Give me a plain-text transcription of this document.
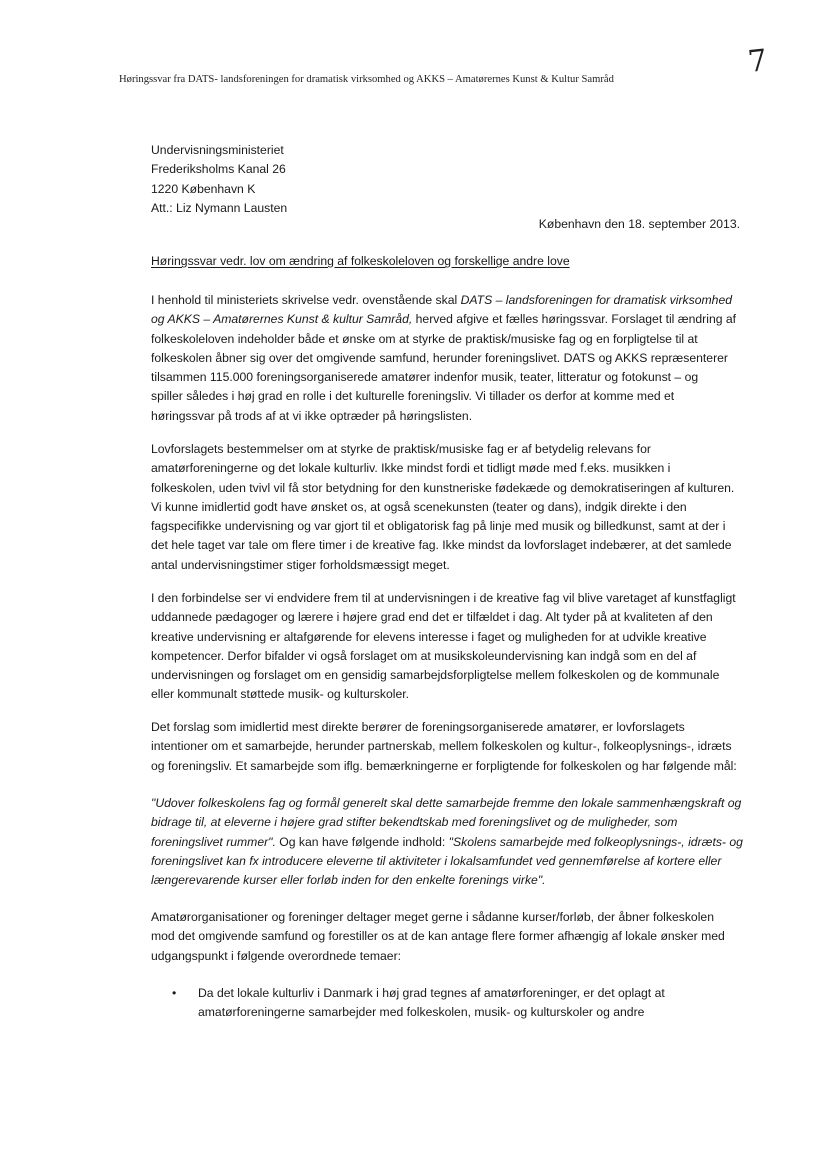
7
Høringssvar fra DATS- landsforeningen for dramatisk virksomhed og AKKS – Amatørernes Kunst & Kultur Samråd
Undervisningsministeriet
Frederiksholms Kanal 26
1220 København K
Att.: Liz Nymann Lausten
København den 18. september 2013.
Høringssvar vedr. lov om ændring af folkeskoleloven og forskellige andre love
I henhold til ministeriets skrivelse vedr. ovenstående skal DATS – landsforeningen for dramatisk virksomhed
og AKKS – Amatørernes Kunst & kultur Samråd, herved afgive et fælles høringssvar. Forslaget til ændring af
folkeskoleloven indeholder både et ønske om at styrke de praktisk/musiske fag og en forpligtelse til at
folkeskolen åbner sig over det omgivende samfund, herunder foreningslivet. DATS og AKKS repræsenterer
tilsammen 115.000 foreningsorganiserede amatører indenfor musik, teater, litteratur og fotokunst – og
spiller således i høj grad en rolle i det kulturelle foreningsliv. Vi tillader os derfor at komme med et
høringssvar på trods af at vi ikke optræder på høringslisten.
Lovforslagets bestemmelser om at styrke de praktisk/musiske fag er af betydelig relevans for
amatørforeningerne og det lokale kulturliv. Ikke mindst fordi et tidligt møde med f.eks. musikken i
folkeskolen, uden tvivl vil få stor betydning for den kunstneriske fødekæde og demokratiseringen af kulturen.
Vi kunne imidlertid godt have ønsket os, at også scenekunsten (teater og dans), indgik direkte i den
fagspecifikke undervisning og var gjort til et obligatorisk fag på linje med musik og billedkunst, samt at der i
det hele taget var tale om flere timer i de kreative fag. Ikke mindst da lovforslaget indebærer, at det samlede
antal undervisningstimer stiger forholdsmæssigt meget.
I den forbindelse ser vi endvidere frem til at undervisningen i de kreative fag vil blive varetaget af kunstfagligt
uddannede pædagoger og lærere i højere grad end det er tilfældet i dag. Alt tyder på at kvaliteten af den
kreative undervisning er altafgørende for elevens interesse i faget og muligheden for at udvikle kreative
kompetencer. Derfor bifalder vi også forslaget om at musikskoleundervisning kan indgå som en del af
undervisningen og forslaget om en gensidig samarbejdsforpligtelse mellem folkeskolen og de kommunale
eller kommunalt støttede musik- og kulturskoler.
Det forslag som imidlertid mest direkte berører de foreningsorganiserede amatører, er lovforslagets
intentioner om et samarbejde, herunder partnerskab, mellem folkeskolen og kultur-, folkeoplysnings-, idræts
og foreningsliv. Et samarbejde som iflg. bemærkningerne er forpligtende for folkeskolen og har følgende mål:
"Udover folkeskolens fag og formål generelt skal dette samarbejde fremme den lokale sammenhængskraft og
bidrage til, at eleverne i højere grad stifter bekendtskab med foreningslivet og de muligheder, som
foreningslivet rummer". Og kan have følgende indhold: "Skolens samarbejde med folkeoplysnings-, idræts- og
foreningslivet kan fx introducere eleverne til aktiviteter i lokalsamfundet ved gennemførelse af kortere eller
længerevarende kurser eller forløb inden for den enkelte forenings virke".
Amatørorganisationer og foreninger deltager meget gerne i sådanne kurser/forløb, der åbner folkeskolen
mod det omgivende samfund og forestiller os at de kan antage flere former afhængig af lokale ønsker med
udgangspunkt i følgende overordnede temaer:
• Da det lokale kulturliv i Danmark i høj grad tegnes af amatørforeninger, er det oplagt at
amatørforeningerne samarbejder med folkeskolen, musik- og kulturskoler og andre
